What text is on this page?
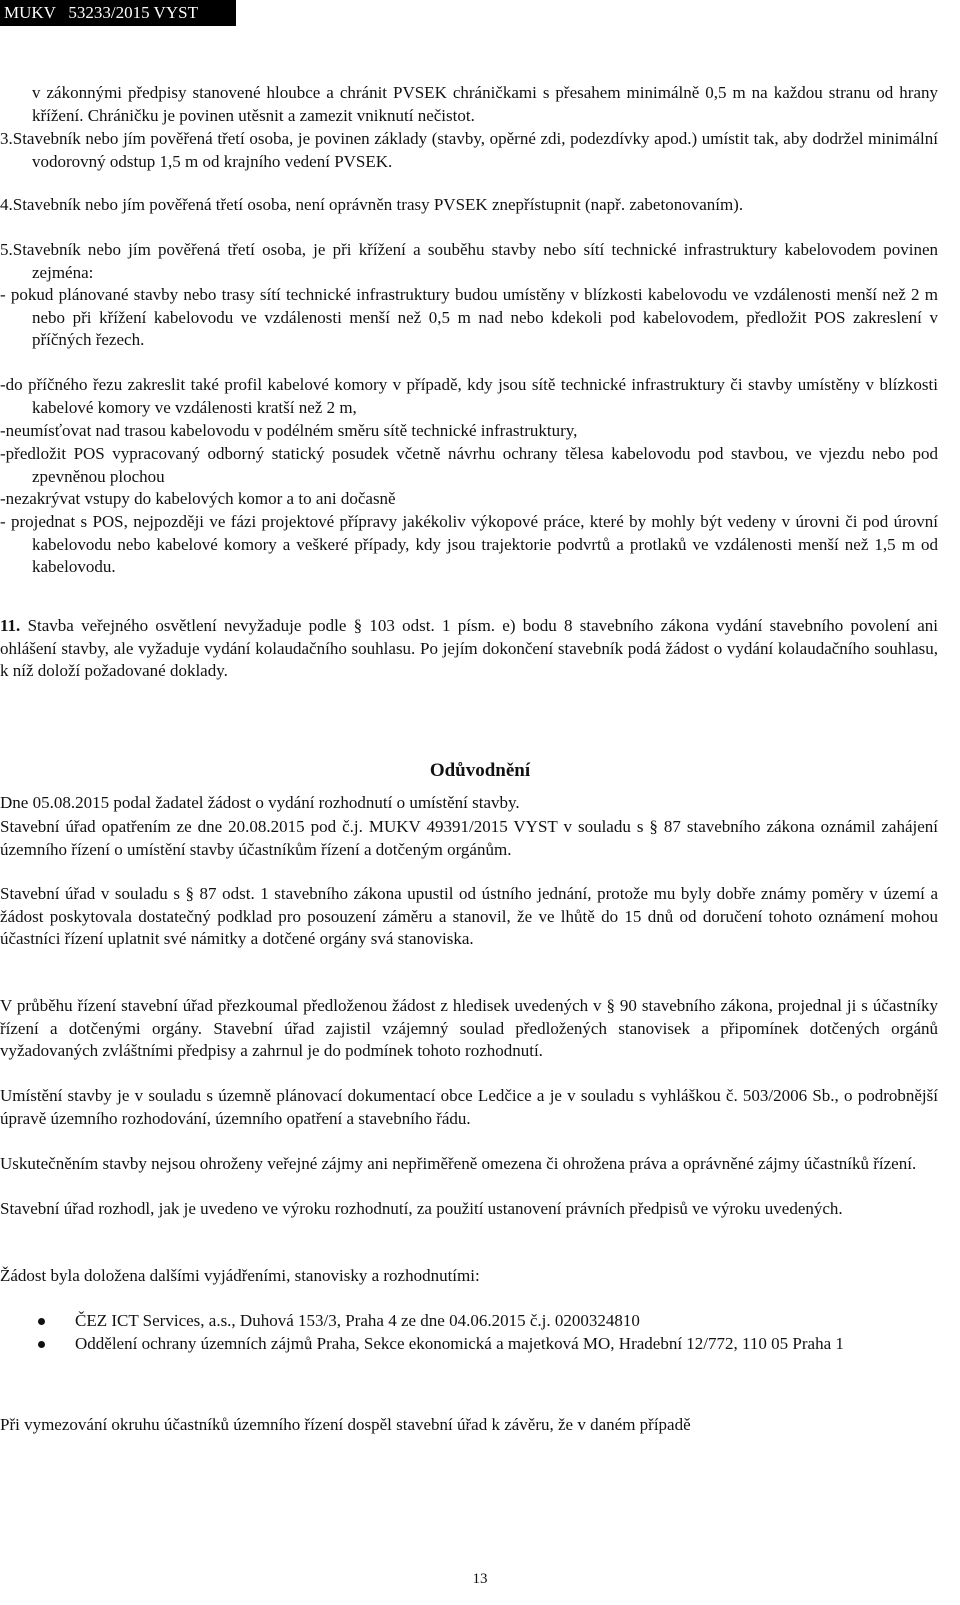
MUKV   53233/2015 VYST

v zákonnými předpisy stanovené hloubce a chránit PVSEK chráničkami s přesahem minimálně 0,5 m na každou stranu od hrany křížení. Chráničku je povinen utěsnit a zamezit vniknutí nečistot.

3.Stavebník nebo jím pověřená třetí osoba, je povinen základy (stavby, opěrné zdi, podezdívky apod.) umístit tak, aby dodržel minimální vodorovný odstup 1,5 m od krajního vedení PVSEK.

4.Stavebník nebo jím pověřená třetí osoba, není oprávněn trasy PVSEK znepřístupnit (např. zabetonovaním).

5.Stavebník nebo jím pověřená třetí osoba, je při křížení a souběhu stavby nebo sítí technické infrastruktury kabelovodem povinen zejména:

- pokud plánované stavby nebo trasy sítí technické infrastruktury budou umístěny v blízkosti kabelovodu ve vzdálenosti menší než 2 m nebo při křížení kabelovodu ve vzdálenosti menší než 0,5 m nad nebo kdekoli pod kabelovodem, předložit POS zakreslení v příčných řezech.

-do příčného řezu zakreslit také profil kabelové komory v případě, kdy jsou sítě technické infrastruktury či stavby umístěny v blízkosti kabelové komory ve vzdálenosti kratší než 2 m,

-neumísťovat nad trasou kabelovodu v podélném směru sítě technické infrastruktury,

-předložit POS vypracovaný odborný statický posudek včetně návrhu ochrany tělesa kabelovodu pod stavbou, ve vjezdu nebo pod zpevněnou plochou

-nezakrývat vstupy do kabelových komor a to ani dočasně

- projednat s POS, nejpozději ve fázi projektové přípravy jakékoliv výkopové práce, které by mohly být vedeny v úrovni či pod úrovní kabelovodu nebo kabelové komory a veškeré případy, kdy jsou trajektorie podvrtů a protlaků ve vzdálenosti menší než 1,5 m od kabelovodu.

11. Stavba veřejného osvětlení nevyžaduje podle § 103 odst. 1 písm. e) bodu 8 stavebního zákona vydání stavebního povolení ani ohlášení stavby, ale vyžaduje vydání kolaudačního souhlasu. Po jejím dokončení stavebník podá žádost o vydání kolaudačního souhlasu, k níž doloží požadované doklady.

Odůvodnění

Dne 05.08.2015 podal žadatel žádost o vydání rozhodnutí o umístění stavby.

Stavební úřad opatřením ze dne 20.08.2015 pod č.j. MUKV 49391/2015 VYST v souladu s § 87 stavebního zákona oznámil zahájení územního řízení o umístění stavby účastníkům řízení a dotčeným orgánům.

Stavební úřad v souladu s § 87 odst. 1 stavebního zákona upustil od ústního jednání, protože mu byly dobře známy poměry v území a žádost poskytovala dostatečný podklad pro posouzení záměru a stanovil, že ve lhůtě do 15 dnů od doručení tohoto oznámení mohou účastníci řízení uplatnit své námitky a dotčené orgány svá stanoviska.

V průběhu řízení stavební úřad přezkoumal předloženou žádost z hledisek uvedených v § 90 stavebního zákona, projednal ji s účastníky řízení a dotčenými orgány. Stavební úřad zajistil vzájemný soulad předložených stanovisek a připomínek dotčených orgánů vyžadovaných zvláštními předpisy a zahrnul je do podmínek tohoto rozhodnutí.

Umístění stavby je v souladu s územně plánovací dokumentací obce Ledčice a je v souladu s vyhláškou č. 503/2006 Sb., o podrobnější úpravě územního rozhodování, územního opatření a stavebního řádu.

Uskutečněním stavby nejsou ohroženy veřejné zájmy ani nepřiměřeně omezena či ohrožena práva a oprávněné zájmy účastníků řízení.

Stavební úřad rozhodl, jak je uvedeno ve výroku rozhodnutí, za použití ustanovení právních předpisů ve výroku uvedených.

Žádost byla doložena dalšími vyjádřeními, stanovisky a rozhodnutími:

ČEZ ICT Services, a.s., Duhová 153/3, Praha 4 ze dne 04.06.2015 č.j. 0200324810
Oddělení ochrany územních zájmů Praha, Sekce ekonomická a majetková MO, Hradební 12/772, 110 05 Praha 1

Při vymezování okruhu účastníků územního řízení dospěl stavební úřad k závěru, že v daném případě

13
